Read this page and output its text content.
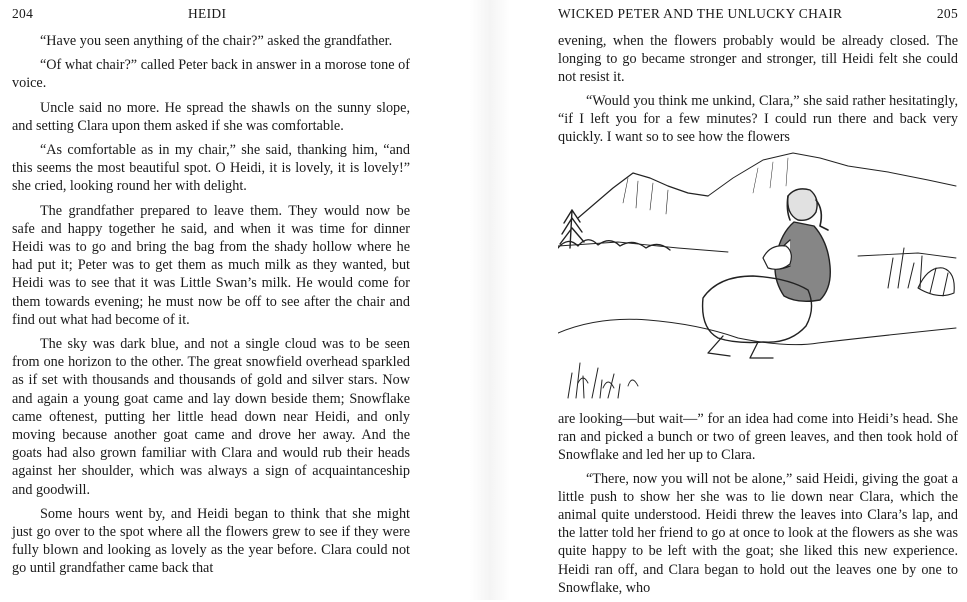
204	HEIDI

“Have you seen anything of the chair?” asked the grandfather.

“Of what chair?” called Peter back in answer in a morose tone of voice.

Uncle said no more. He spread the shawls on the sunny slope, and setting Clara upon them asked if she was comfortable.

“As comfortable as in my chair,” she said, thanking him, “and this seems the most beautiful spot. O Heidi, it is lovely, it is lovely!” she cried, looking round her with delight.

The grandfather prepared to leave them. They would now be safe and happy together he said, and when it was time for dinner Heidi was to go and bring the bag from the shady hollow where he had put it; Peter was to get them as much milk as they wanted, but Heidi was to see that it was Little Swan’s milk. He would come for them towards evening; he must now be off to see after the chair and find out what had become of it.

The sky was dark blue, and not a single cloud was to be seen from one horizon to the other. The great snowfield overhead sparkled as if set with thousands and thousands of gold and silver stars. Now and again a young goat came and lay down beside them; Snowflake came oftenest, putting her little head down near Heidi, and only moving because another goat came and drove her away. And the goats had also grown familiar with Clara and would rub their heads against her shoulder, which was always a sign of acquaintanceship and goodwill.

Some hours went by, and Heidi began to think that she might just go over to the spot where all the flowers grew to see if they were fully blown and looking as lovely as the year before. Clara could not go until grandfather came back that

WICKED PETER AND THE UNLUCKY CHAIR	205

evening, when the flowers probably would be already closed. The longing to go became stronger and stronger, till Heidi felt she could not resist it.

“Would you think me unkind, Clara,” she said rather hesitatingly, “if I left you for a few minutes? I could run there and back very quickly. I want so to see how the flowers

are looking—but wait—” for an idea had come into Heidi’s head. She ran and picked a bunch or two of green leaves, and then took hold of Snowflake and led her up to Clara.

“There, now you will not be alone,” said Heidi, giving the goat a little push to show her she was to lie down near Clara, which the animal quite understood. Heidi threw the leaves into Clara’s lap, and the latter told her friend to go at once to look at the flowers as she was quite happy to be left with the goat; she liked this new experience. Heidi ran off, and Clara began to hold out the leaves one by one to Snowflake, who
